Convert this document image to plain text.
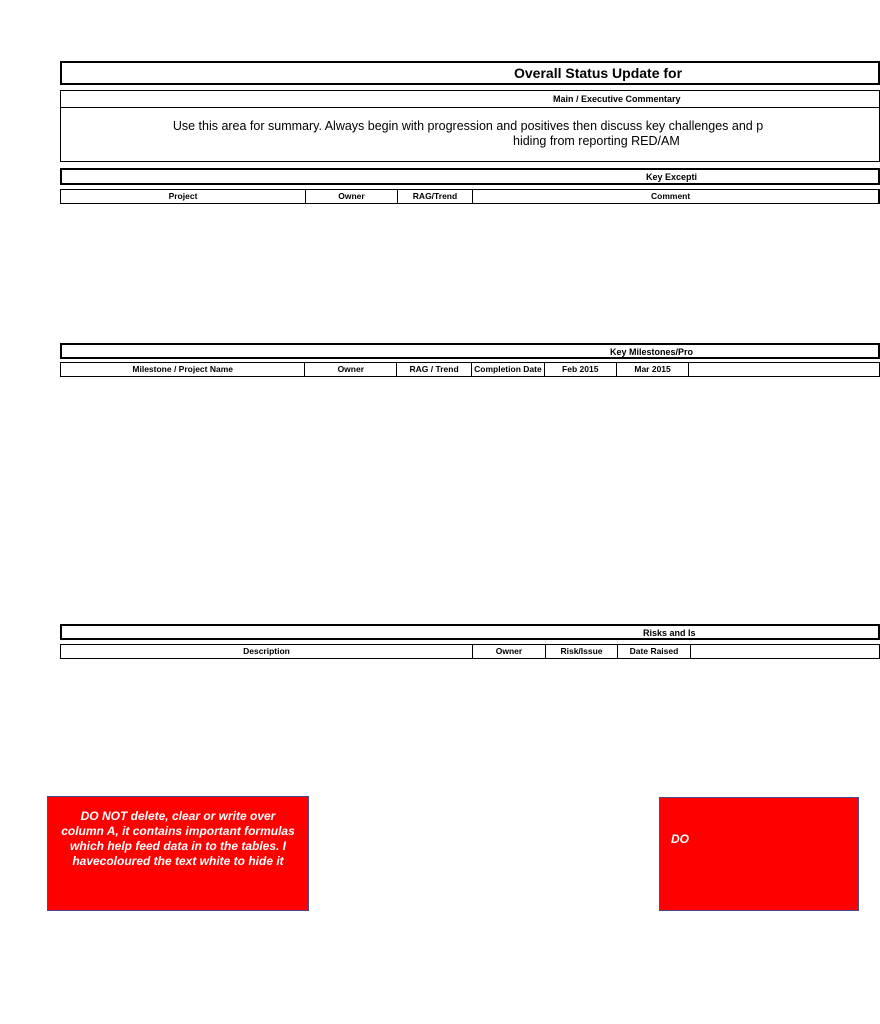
Overall Status Update for
Main / Executive Commentary
Use this area for summary. Always begin with progression and positives then discuss key challenges and p
hiding from reporting RED/AM
Key Excepti
Project	Owner	RAG/Trend	Comment
Key Milestones/Pro
Milestone / Project Name	Owner	RAG / Trend	Completion Date	Feb 2015	Mar 2015
Risks and Is
Description	Owner	Risk/Issue	Date Raised
DO NOT delete, clear or write over column A, it contains important formulas which help feed data in to the tables. I havecoloured the text white to hide it
DO
